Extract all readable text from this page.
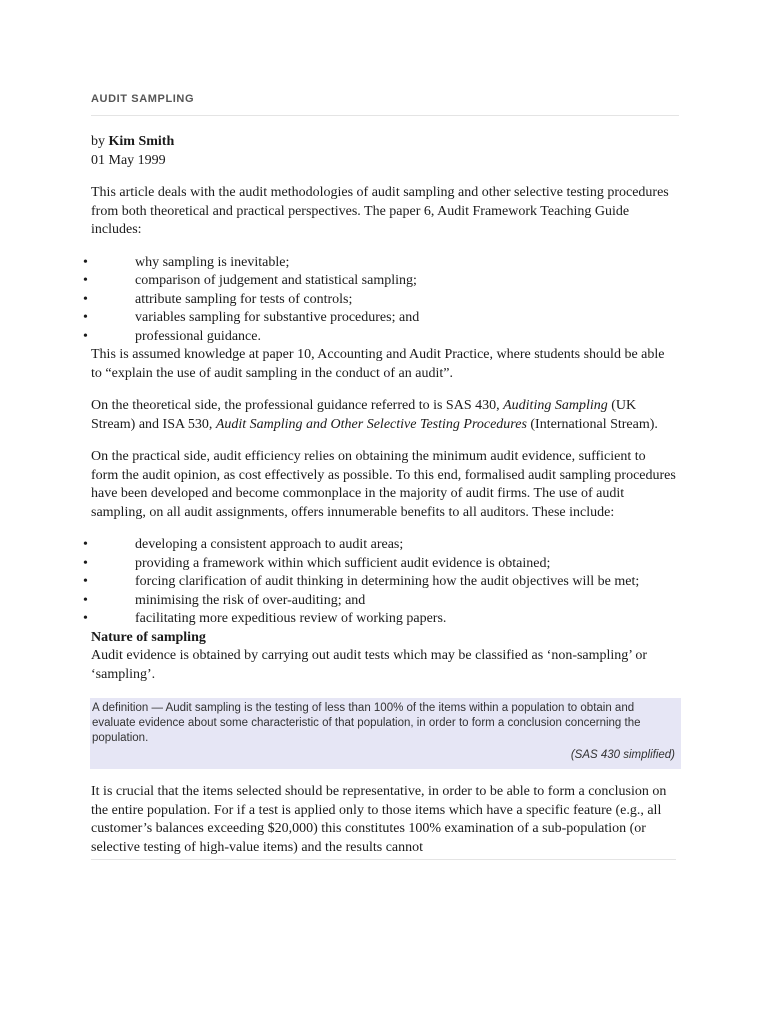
AUDIT SAMPLING
by Kim Smith
01 May 1999

This article deals with the audit methodologies of audit sampling and other selective testing procedures from both theoretical and practical perspectives. The paper 6, Audit Framework Teaching Guide includes:

•	why sampling is inevitable;
•	comparison of judgement and statistical sampling;
•	attribute sampling for tests of controls;
•	variables sampling for substantive procedures; and
•	professional guidance.

This is assumed knowledge at paper 10, Accounting and Audit Practice, where students should be able to “explain the use of audit sampling in the conduct of an audit”.

On the theoretical side, the professional guidance referred to is SAS 430, Auditing Sampling (UK Stream) and ISA 530, Audit Sampling and Other Selective Testing Procedures (International Stream).

On the practical side, audit efficiency relies on obtaining the minimum audit evidence, sufficient to form the audit opinion, as cost effectively as possible. To this end, formalised audit sampling procedures have been developed and become commonplace in the majority of audit firms. The use of audit sampling, on all audit assignments, offers innumerable benefits to all auditors. These include:

•	developing a consistent approach to audit areas;
•	providing a framework within which sufficient audit evidence is obtained;
•	forcing clarification of audit thinking in determining how the audit objectives will be met;
•	minimising the risk of over-auditing; and
•	facilitating more expeditious review of working papers.

Nature of sampling

Audit evidence is obtained by carrying out audit tests which may be classified as ‘non-sampling’ or ‘sampling’.

A definition — Audit sampling is the testing of less than 100% of the items within a population to obtain and evaluate evidence about some characteristic of that population, in order to form a conclusion concerning the population.
(SAS 430 simplified)

It is crucial that the items selected should be representative, in order to be able to form a conclusion on the entire population. For if a test is applied only to those items which have a specific feature (e.g., all customer’s balances exceeding $20,000) this constitutes 100% examination of a sub-population (or selective testing of high-value items) and the results cannot
